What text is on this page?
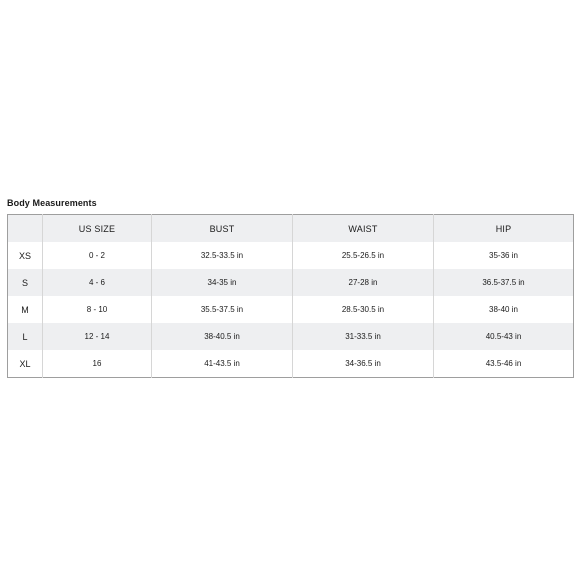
Body Measurements
	US SIZE	BUST	WAIST	HIP
XS	0 - 2	32.5-33.5 in	25.5-26.5 in	35-36 in
S	4 - 6	34-35 in	27-28 in	36.5-37.5 in
M	8 - 10	35.5-37.5 in	28.5-30.5 in	38-40 in
L	12 - 14	38-40.5 in	31-33.5 in	40.5-43 in
XL	16	41-43.5 in	34-36.5 in	43.5-46 in
